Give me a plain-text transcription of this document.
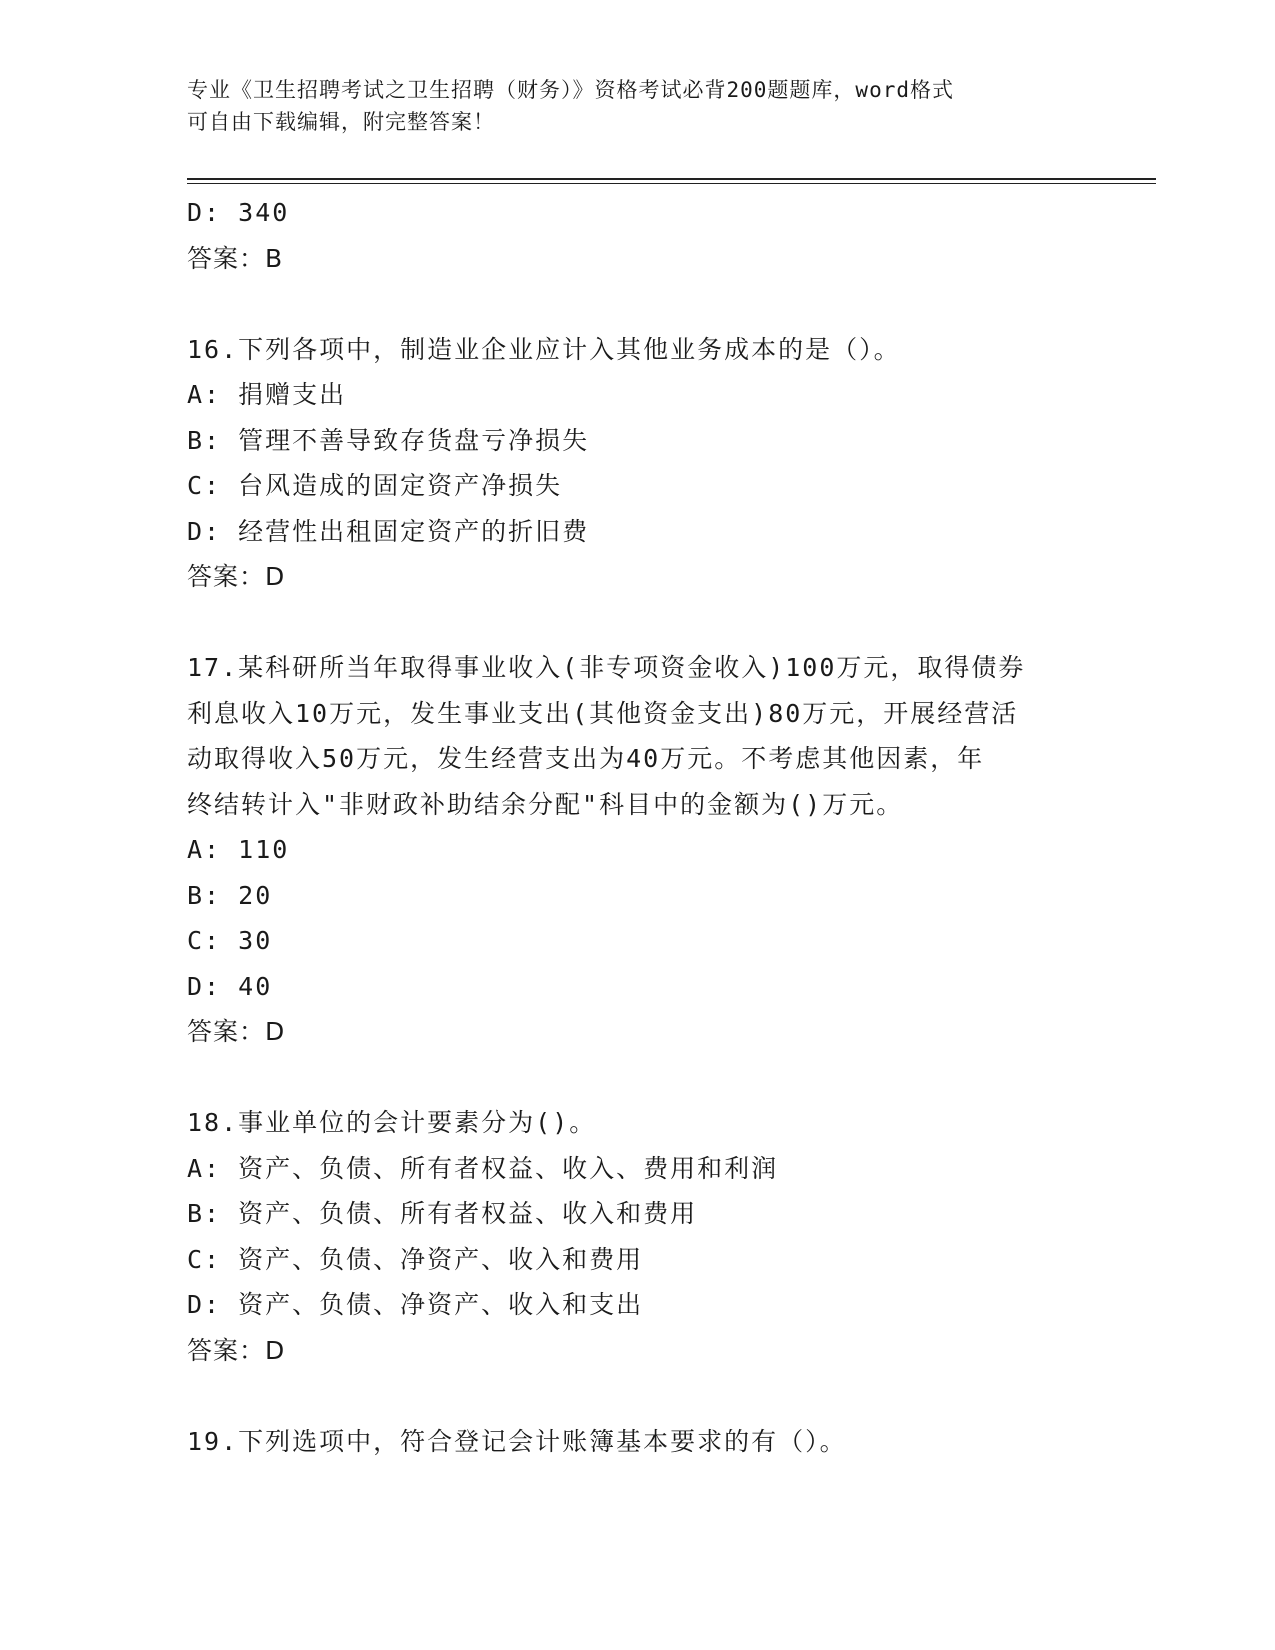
专业《卫生招聘考试之卫生招聘（财务）》资格考试必背200题题库，word格式
可自由下载编辑，附完整答案！
D: 340
答案：B
16.下列各项中，制造业企业应计入其他业务成本的是（）。
A: 捐赠支出
B: 管理不善导致存货盘亏净损失
C: 台风造成的固定资产净损失
D: 经营性出租固定资产的折旧费
答案：D
17.某科研所当年取得事业收入(非专项资金收入)100万元，取得债券
利息收入10万元，发生事业支出(其他资金支出)80万元，开展经营活
动取得收入50万元，发生经营支出为40万元。不考虑其他因素，年
终结转计入"非财政补助结余分配"科目中的金额为()万元。
A: 110
B: 20
C: 30
D: 40
答案：D
18.事业单位的会计要素分为()。
A: 资产、负债、所有者权益、收入、费用和利润
B: 资产、负债、所有者权益、收入和费用
C: 资产、负债、净资产、收入和费用
D: 资产、负债、净资产、收入和支出
答案：D
19.下列选项中，符合登记会计账簿基本要求的有（）。
